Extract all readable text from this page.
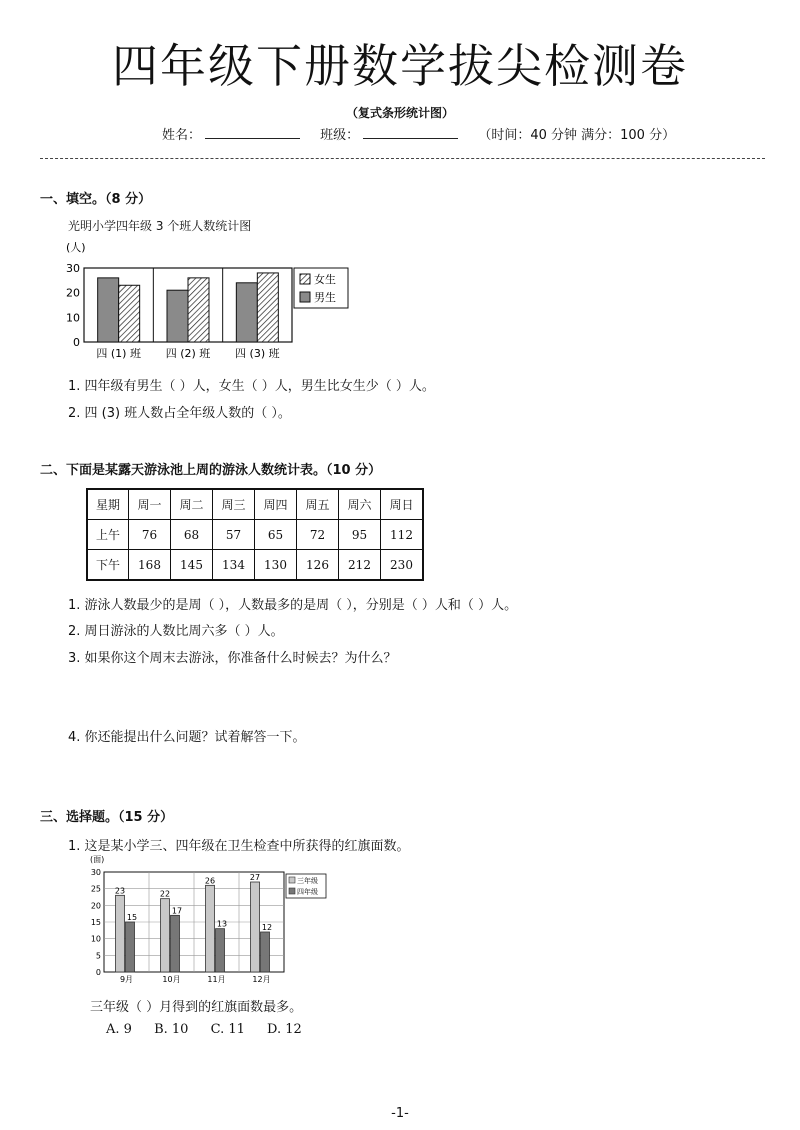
四年级下册数学拔尖检测卷
（复式条形统计图）
姓名：	班级：	（时间：40 分钟 满分：100 分）
一、填空。（8 分）
光明小学四年级 3 个班人数统计图
(人)
0
10
20
30
四 (1) 班 四 (2) 班 四 (3) 班
女生
男生
1. 四年级有男生（ ）人，女生（ ）人，男生比女生少（ ）人。
2. 四 (3) 班人数占全年级人数的（ ）。
二、下面是某露天游泳池上周的游泳人数统计表。（10 分）
星期	周一	周二	周三	周四	周五	周六	周日
上午	76	68	57	65	72	95	112
下午	168	145	134	130	126	212	230
1. 游泳人数最少的是周（ ），人数最多的是周（ ），分别是（ ）人和（ ）人。
2. 周日游泳的人数比周六多（ ）人。
3. 如果你这个周末去游泳，你准备什么时候去？为什么？
4. 你还能提出什么问题？试着解答一下。
三、选择题。（15 分）
1. 这是某小学三、四年级在卫生检查中所获得的红旗面数。
(面)
0
5
10
15
20
25
30
23
15
9月
22
17
10月
26
13
11月
27
12
12月
三年级
四年级
三年级（ ）月得到的红旗面数最多。
A. 9 B. 10 C. 11 D. 12
-1-
